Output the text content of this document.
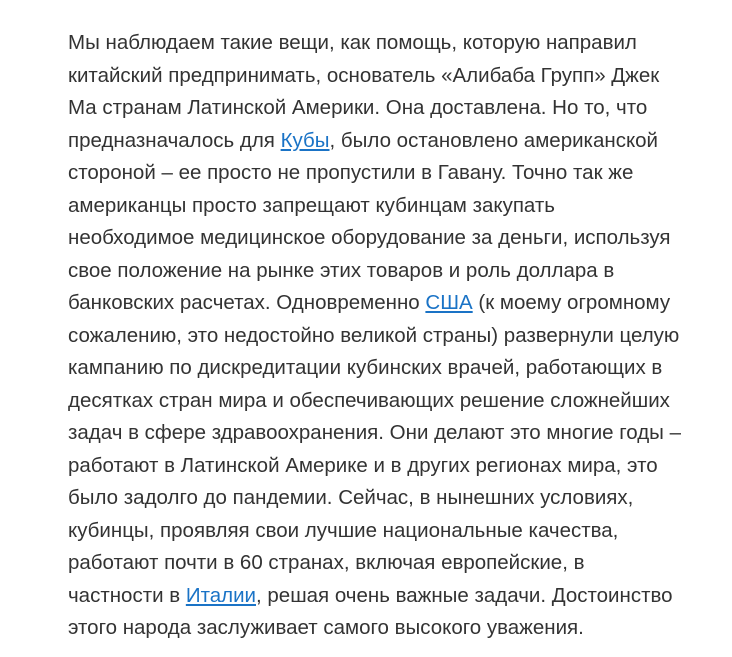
Мы наблюдаем такие вещи, как помощь, которую направил
китайский предпринимать, основатель «Алибаба Групп» Джек
Ма странам Латинской Америки. Она доставлена. Но то, что
предназначалось для Кубы, было остановлено американской
стороной – ее просто не пропустили в Гавану. Точно так же
американцы просто запрещают кубинцам закупать
необходимое медицинское оборудование за деньги, используя
свое положение на рынке этих товаров и роль доллара в
банковских расчетах. Одновременно США (к моему огромному
сожалению, это недостойно великой страны) развернули целую
кампанию по дискредитации кубинских врачей, работающих в
десятках стран мира и обеспечивающих решение сложнейших
задач в сфере здравоохранения. Они делают это многие годы –
работают в Латинской Америке и в других регионах мира, это
было задолго до пандемии. Сейчас, в нынешних условиях,
кубинцы, проявляя свои лучшие национальные качества,
работают почти в 60 странах, включая европейские, в
частности в Италии, решая очень важные задачи. Достоинство
этого народа заслуживает самого высокого уважения.
